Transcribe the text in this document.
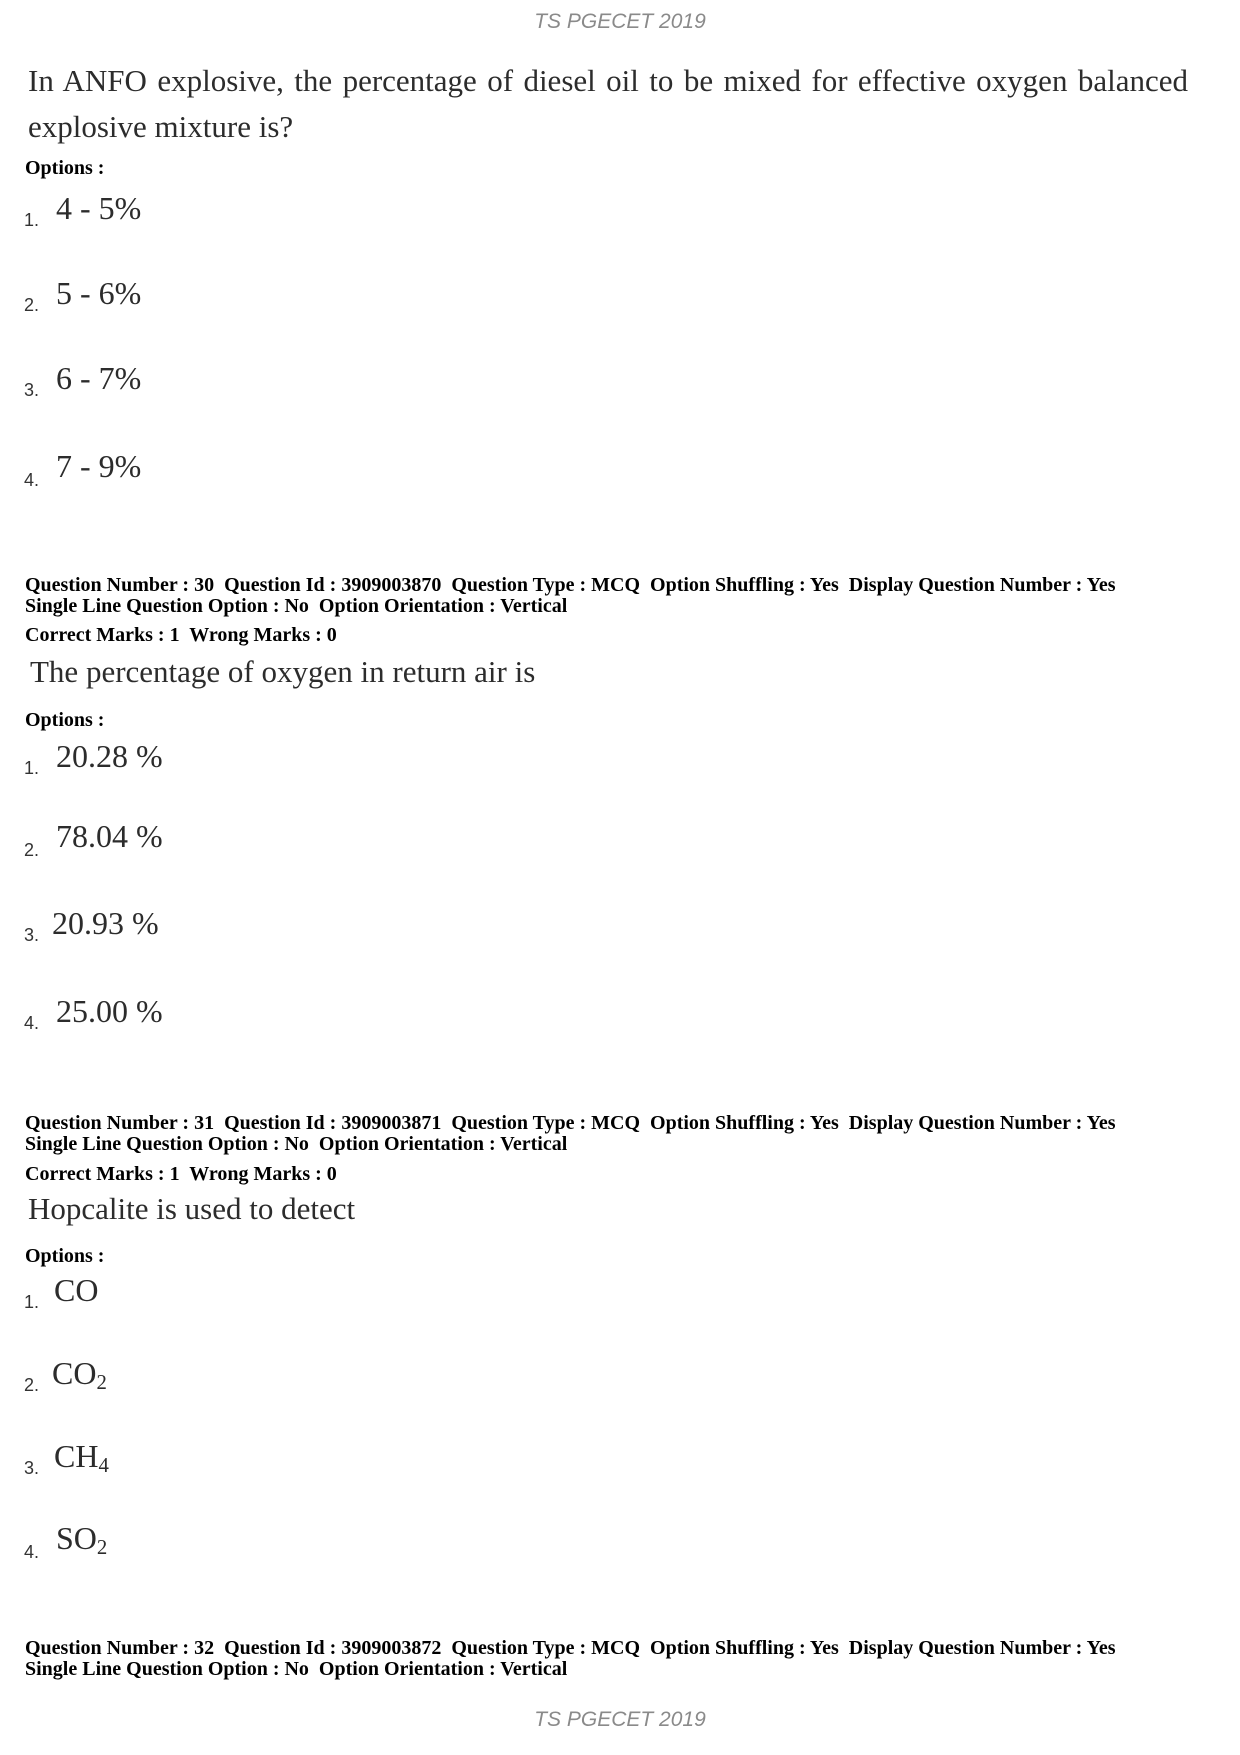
TS PGECET 2019
In ANFO explosive, the percentage of diesel oil to be mixed for effective oxygen balanced explosive mixture is?
Options :
1. 4 - 5%
2. 5 - 6%
3. 6 - 7%
4. 7 - 9%
Question Number : 30  Question Id : 3909003870  Question Type : MCQ  Option Shuffling : Yes  Display Question Number : Yes
Single Line Question Option : No  Option Orientation : Vertical
Correct Marks : 1  Wrong Marks : 0
The percentage of oxygen in return air is
Options :
1. 20.28 %
2. 78.04 %
3. 20.93 %
4. 25.00 %
Question Number : 31  Question Id : 3909003871  Question Type : MCQ  Option Shuffling : Yes  Display Question Number : Yes
Single Line Question Option : No  Option Orientation : Vertical
Correct Marks : 1  Wrong Marks : 0
Hopcalite is used to detect
Options :
1. CO
2. $CO_2$
3. $CH_4$
4. $SO_2$
Question Number : 32  Question Id : 3909003872  Question Type : MCQ  Option Shuffling : Yes  Display Question Number : Yes
Single Line Question Option : No  Option Orientation : Vertical
TS PGECET 2019
